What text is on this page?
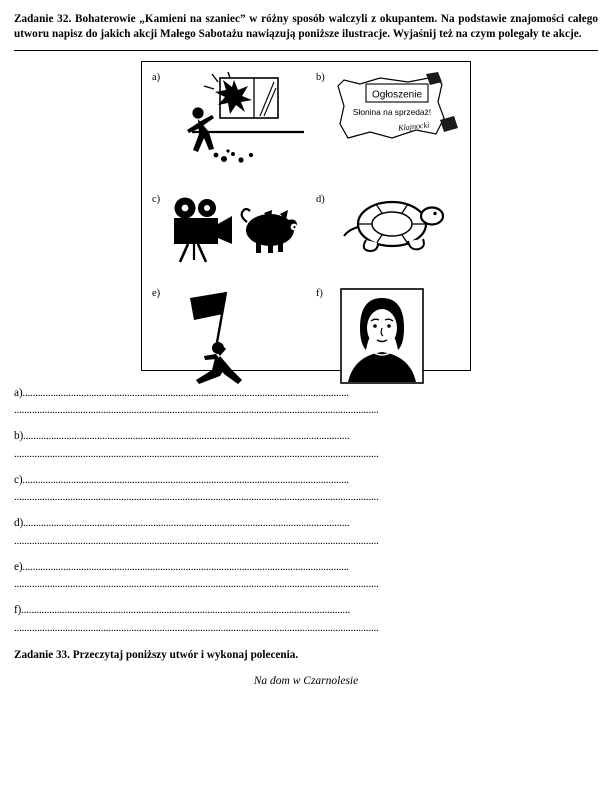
Zadanie 32. Bohaterowie „Kamieni na szaniec” w różny sposób walczyli z okupantem. Na podstawie znajomości całego utworu napisz do jakich akcji Małego Sabotażu nawiązują poniższe ilustracje. Wyjaśnij też na czym polegały te akcje.
a)	b)
Ogłoszenie
Słonina na sprzedaż!
Klajnocki
c)	d)
e)	f)
a)................................................................................................................................
...............................................................................................................................................
b)................................................................................................................................
...............................................................................................................................................
c)................................................................................................................................
...............................................................................................................................................
d)................................................................................................................................
...............................................................................................................................................
e)................................................................................................................................
...............................................................................................................................................
f).................................................................................................................................
...............................................................................................................................................
Zadanie 33. Przeczytaj poniższy utwór i wykonaj polecenia.
Na dom w Czarnolesie
